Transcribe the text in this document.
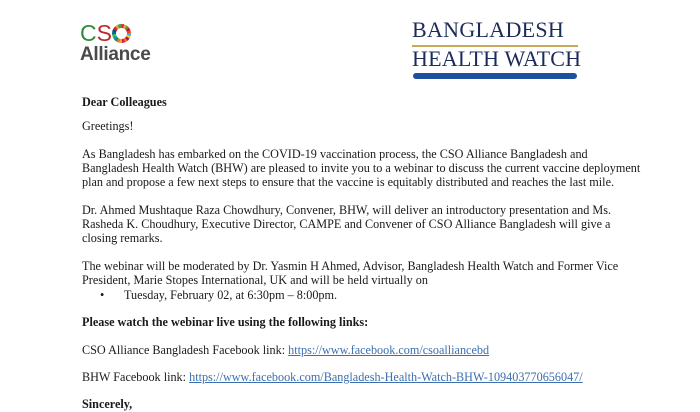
CS
Alliance
BANGLADESH
HEALTH WATCH
Dear Colleagues
Greetings!
As Bangladesh has embarked on the COVID-19 vaccination process, the CSO Alliance Bangladesh and
Bangladesh Health Watch (BHW) are pleased to invite you to a webinar to discuss the current vaccine deployment
plan and propose a few next steps to ensure that the vaccine is equitably distributed and reaches the last mile.
Dr. Ahmed Mushtaque Raza Chowdhury, Convener, BHW, will deliver an introductory presentation and Ms.
Rasheda K. Choudhury, Executive Director, CAMPE and Convener of CSO Alliance Bangladesh will give a
closing remarks.
The webinar will be moderated by Dr. Yasmin H Ahmed, Advisor, Bangladesh Health Watch and Former Vice
President, Marie Stopes International, UK and will be held virtually on
• Tuesday, February 02, at 6:30pm – 8:00pm.
Please watch the webinar live using the following links:
CSO Alliance Bangladesh Facebook link: https://www.facebook.com/csoalliancebd
BHW Facebook link: https://www.facebook.com/Bangladesh-Health-Watch-BHW-109403770656047/
Sincerely,
